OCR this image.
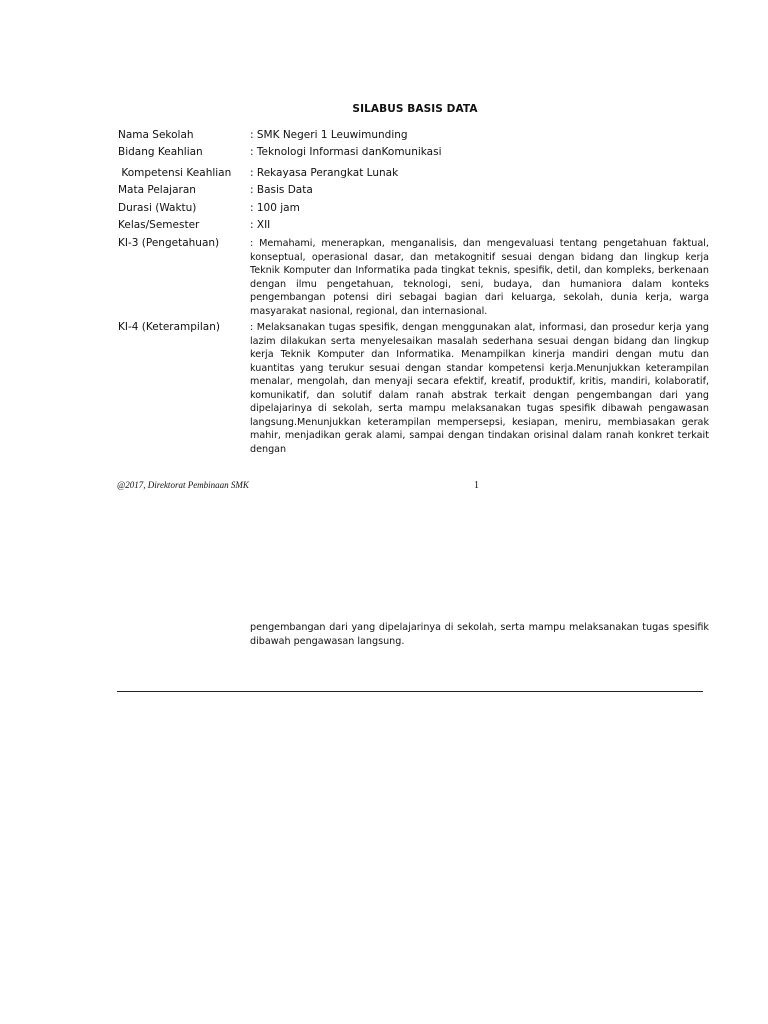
SILABUS BASIS DATA
Nama Sekolah	: SMK Negeri 1 Leuwimunding
Bidang Keahlian	: Teknologi Informasi danKomunikasi
Kompetensi Keahlian : Rekayasa Perangkat Lunak
Mata Pelajaran	: Basis Data
Durasi (Waktu)	: 100 jam
Kelas/Semester	: XII
KI-3 (Pengetahuan)	: Memahami, menerapkan, menganalisis, dan mengevaluasi tentang pengetahuan faktual, konseptual, operasional dasar, dan metakognitif sesuai dengan bidang dan lingkup kerja Teknik Komputer dan Informatika pada tingkat teknis, spesifik, detil, dan kompleks, berkenaan dengan ilmu pengetahuan, teknologi, seni, budaya, dan humaniora dalam konteks pengembangan potensi diri sebagai bagian dari keluarga, sekolah, dunia kerja, warga masyarakat nasional, regional, dan internasional.
KI-4 (Keterampilan)	: Melaksanakan tugas spesifik, dengan menggunakan alat, informasi, dan prosedur kerja yang lazim dilakukan serta menyelesaikan masalah sederhana sesuai dengan bidang dan lingkup kerja Teknik Komputer dan Informatika. Menampilkan kinerja mandiri dengan mutu dan kuantitas yang terukur sesuai dengan standar kompetensi kerja.Menunjukkan keterampilan menalar, mengolah, dan menyaji secara efektif, kreatif, produktif, kritis, mandiri, kolaboratif, komunikatif, dan solutif dalam ranah abstrak terkait dengan pengembangan dari yang dipelajarinya di sekolah, serta mampu melaksanakan tugas spesifik dibawah pengawasan langsung.Menunjukkan keterampilan mempersepsi, kesiapan, meniru, membiasakan gerak mahir, menjadikan gerak alami, sampai dengan tindakan orisinal dalam ranah konkret terkait dengan
@2017, Direktorat Pembinaan SMK	1
pengembangan dari yang dipelajarinya di sekolah, serta mampu melaksanakan tugas spesifik dibawah pengawasan langsung.
